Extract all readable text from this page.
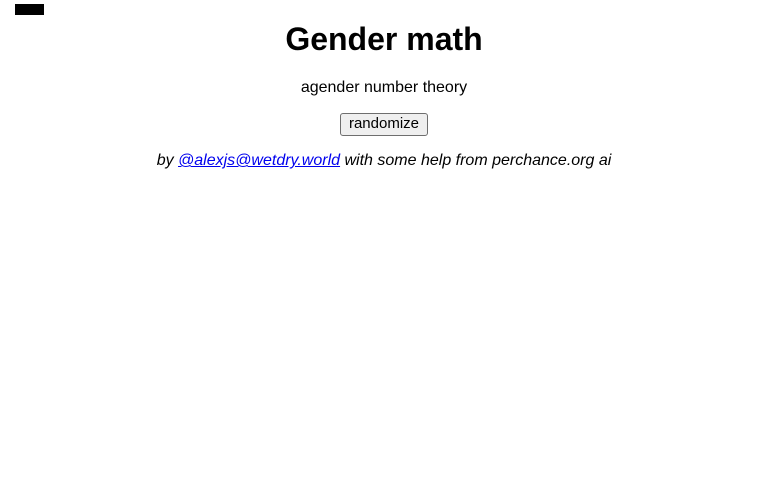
Gender math

agender number theory

randomize

by @alexjs@wetdry.world with some help from perchance.org ai
